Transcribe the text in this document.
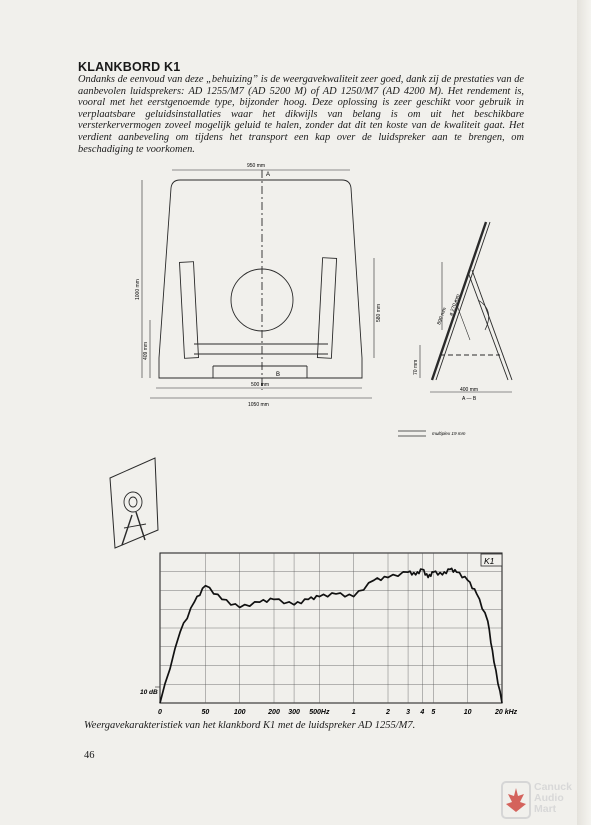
KLANKBORD K1
Ondanks de eenvoud van deze „behuizing” is de weergavekwaliteit zeer goed, dank zij de prestaties van de aanbevolen luidsprekers: AD 1255/M7 (AD 5200 M) of AD 1250/M7 (AD 4200 M). Het rendement is, vooral met het eerstgenoemde type, bijzonder hoog. Deze oplossing is zeer geschikt voor gebruik in verplaatsbare geluidsinstallaties waar het dikwijls van belang is om uit het beschikbare versterkervermogen zoveel mogelijk geluid te halen, zonder dat dit ten koste van de kwaliteit gaat. Het verdient aanbeveling om tijdens het transport een kap over de luidspreker aan te brengen, om beschadiging te voorkomen.
950 mm
A
500 mm
B
1050 mm
1000 mm
409 mm
580 mm	890 mm ø 270 mm
70 mm
400 mm
A — B
multiplex 19 mm
K1
10 dB
0	50	100	200 300 500Hz	1	2 3 4 5	10	20 kHz
Weergavekarakteristiek van het klankbord K1 met de luidspreker AD 1255/M7.
46
Canuck
Audio
Mart
